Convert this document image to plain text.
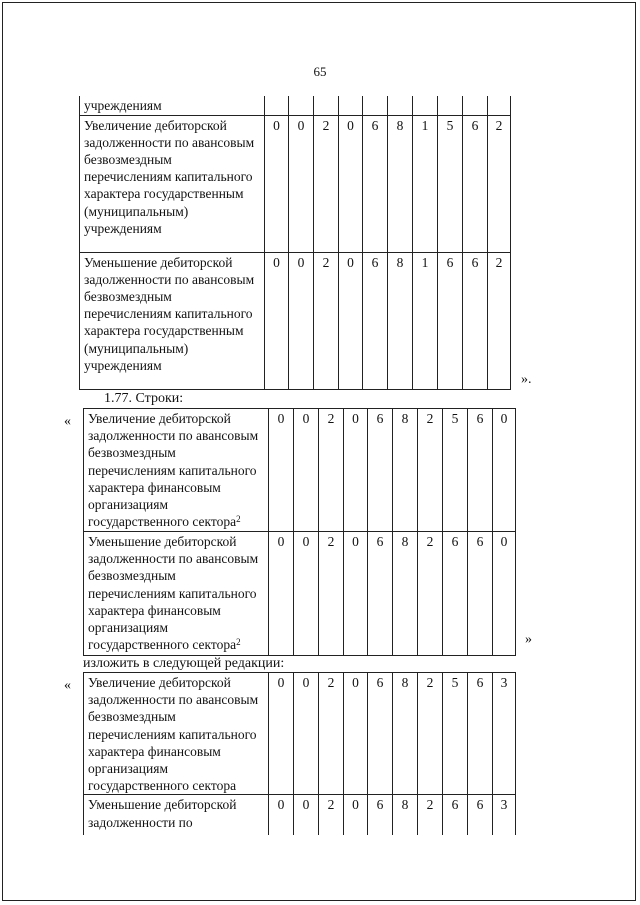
65
учреждениям										
Увеличение дебиторской задолженности по авансовым безвозмездным перечислениям капитального характера государственным (муниципальным) учреждениям	0	0	2	0	6	8	1	5	6	2
Уменьшение дебиторской задолженности по авансовым безвозмездным перечислениям капитального характера государственным (муниципальным) учреждениям	0	0	2	0	6	8	1	6	6	2
».
1.77. Строки:
« Увеличение дебиторской задолженности по авансовым безвозмездным перечислениям капитального характера финансовым организациям государственного сектора$^2$	0	0	2	0	6	8	2	5	6	0
Уменьшение дебиторской задолженности по авансовым безвозмездным перечислениям капитального характера финансовым организациям государственного сектора$^2$	0	0	2	0	6	8	2	6	6	0
»
изложить в следующей редакции:
« Увеличение дебиторской задолженности по авансовым безвозмездным перечислениям капитального характера финансовым организациям государственного сектора	0	0	2	0	6	8	2	5	6	3
Уменьшение дебиторской задолженности по	0	0	2	0	6	8	2	6	6	3
